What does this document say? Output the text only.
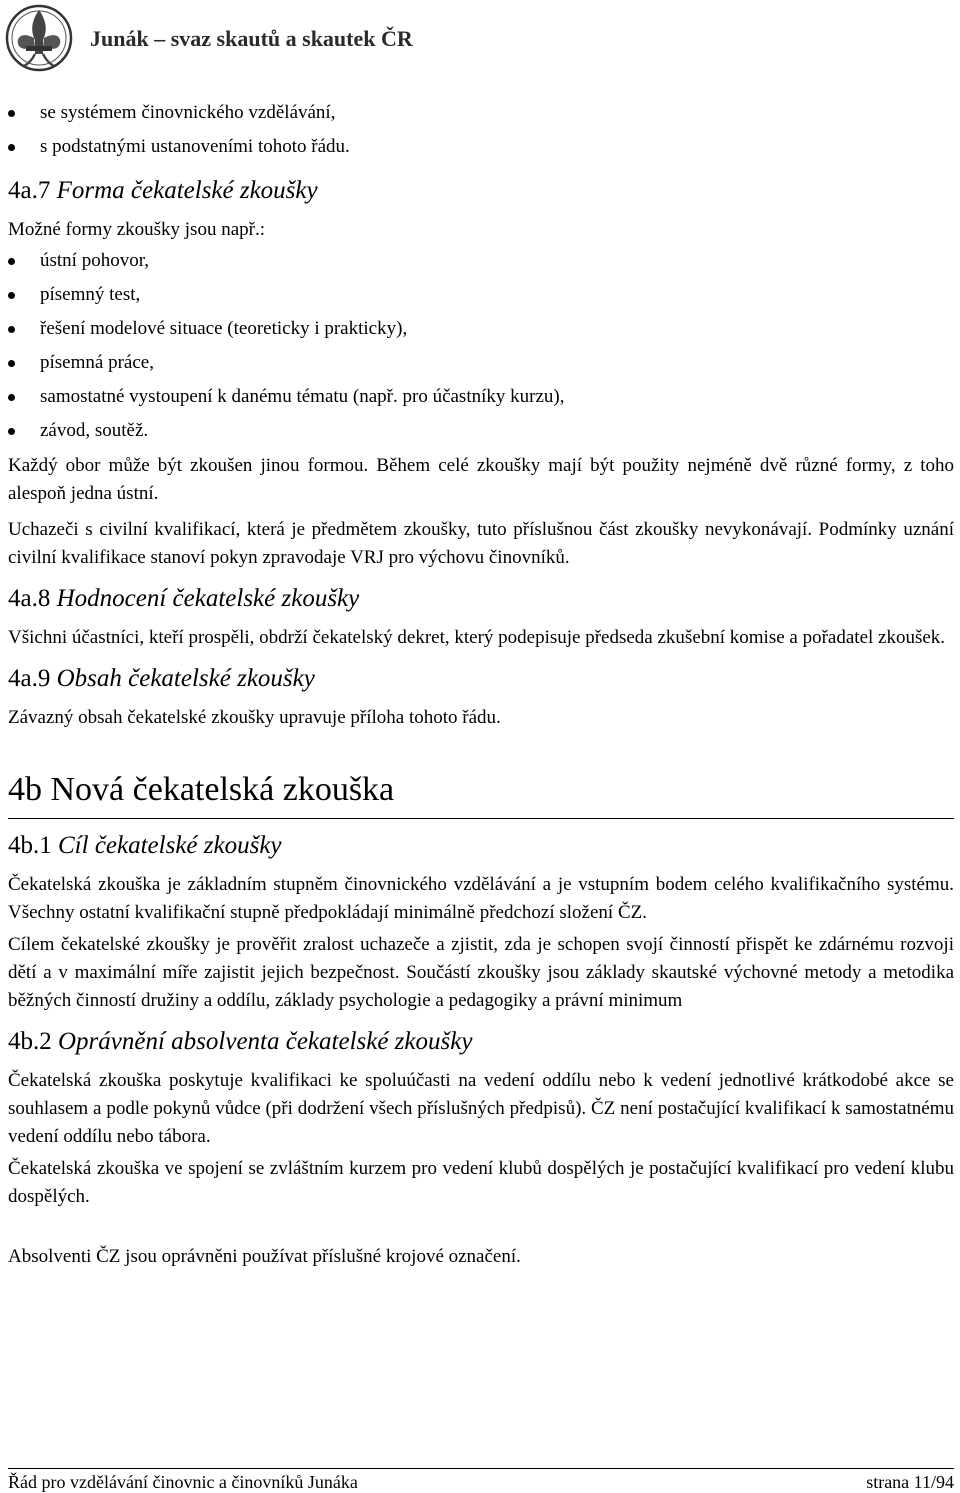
Junák – svaz skautů a skautek ČR
se systémem činovnického vzdělávání,
s podstatnými ustanoveními tohoto řádu.
4a.7 Forma čekatelské zkoušky
Možné formy zkoušky jsou např.:
ústní pohovor,
písemný test,
řešení modelové situace (teoreticky i prakticky),
písemná práce,
samostatné vystoupení k danému tématu (např. pro účastníky kurzu),
závod, soutěž.
Každý obor může být zkoušen jinou formou. Během celé zkoušky mají být použity nejméně dvě různé formy, z toho alespoň jedna ústní.
Uchazeči s civilní kvalifikací, která je předmětem zkoušky, tuto příslušnou část zkoušky nevykonávají. Podmínky uznání civilní kvalifikace stanoví pokyn zpravodaje VRJ pro výchovu činovníků.
4a.8 Hodnocení čekatelské zkoušky
Všichni účastníci, kteří prospěli, obdrží čekatelský dekret, který podepisuje předseda zkušební komise a pořadatel zkoušek.
4a.9 Obsah čekatelské zkoušky
Závazný obsah čekatelské zkoušky upravuje příloha tohoto řádu.
4b Nová čekatelská zkouška
4b.1 Cíl čekatelské zkoušky
Čekatelská zkouška je základním stupněm činovnického vzdělávání a je vstupním bodem celého kvalifikačního systému. Všechny ostatní kvalifikační stupně předpokládají minimálně předchozí složení ČZ.
Cílem čekatelské zkoušky je prověřit zralost uchazeče a zjistit, zda je schopen svojí činností přispět ke zdárnému rozvoji dětí a v maximální míře zajistit jejich bezpečnost. Součástí zkoušky jsou základy skautské výchovné metody a metodika běžných činností družiny a oddílu, základy psychologie a pedagogiky a právní minimum
4b.2 Oprávnění absolventa čekatelské zkoušky
Čekatelská zkouška poskytuje kvalifikaci ke spoluúčasti na vedení oddílu nebo k vedení jednotlivé krátkodobé akce se souhlasem a podle pokynů vůdce (při dodržení všech příslušných předpisů). ČZ není postačující kvalifikací k samostatnému vedení oddílu nebo tábora.
Čekatelská zkouška ve spojení se zvláštním kurzem pro vedení klubů dospělých je postačující kvalifikací pro vedení klubu dospělých.
Absolventi ČZ jsou oprávněni používat příslušné krojové označení.
Řád pro vzdělávání činovnic a činovníků Junáka	strana 11/94
